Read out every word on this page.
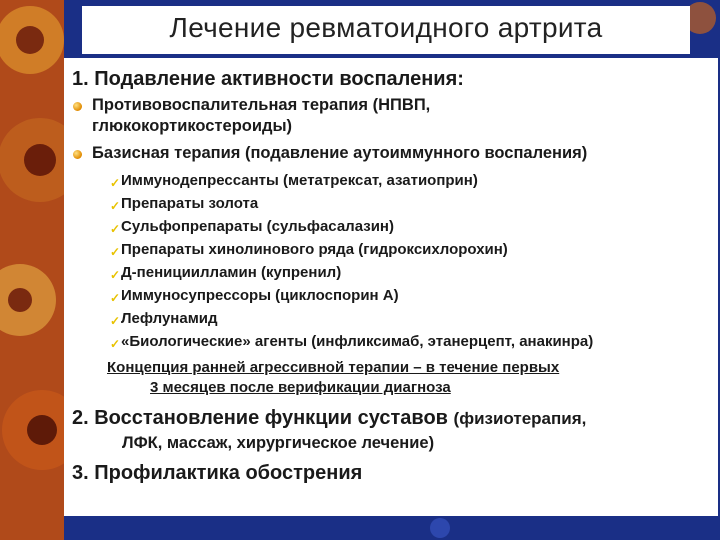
Лечение ревматоидного артрита
1. Подавление активности воспаления:
Противовоспалительная терапия (НПВП,
глюкокортикостероиды)
Базисная терапия (подавление аутоиммунного воспаления)
✓ Иммунодепрессанты (метатрексат, азатиоприн)
✓ Препараты золота
✓ Сульфопрепараты (сульфасалазин)
✓ Препараты хинолинового ряда (гидроксихлорохин)
✓ Д-пенициилламин (купренил)
✓ Иммуносупрессоры (циклоспорин А)
✓ Лефлунамид
✓ «Биологические» агенты (инфликсимаб, этанерцепт, анакинра)
Концепция ранней агрессивной терапии – в течение первых
3 месяцев после верификации диагноза
2. Восстановление функции суставов (физиотерапия,
ЛФК, массаж, хирургическое лечение)
3. Профилактика обострения
